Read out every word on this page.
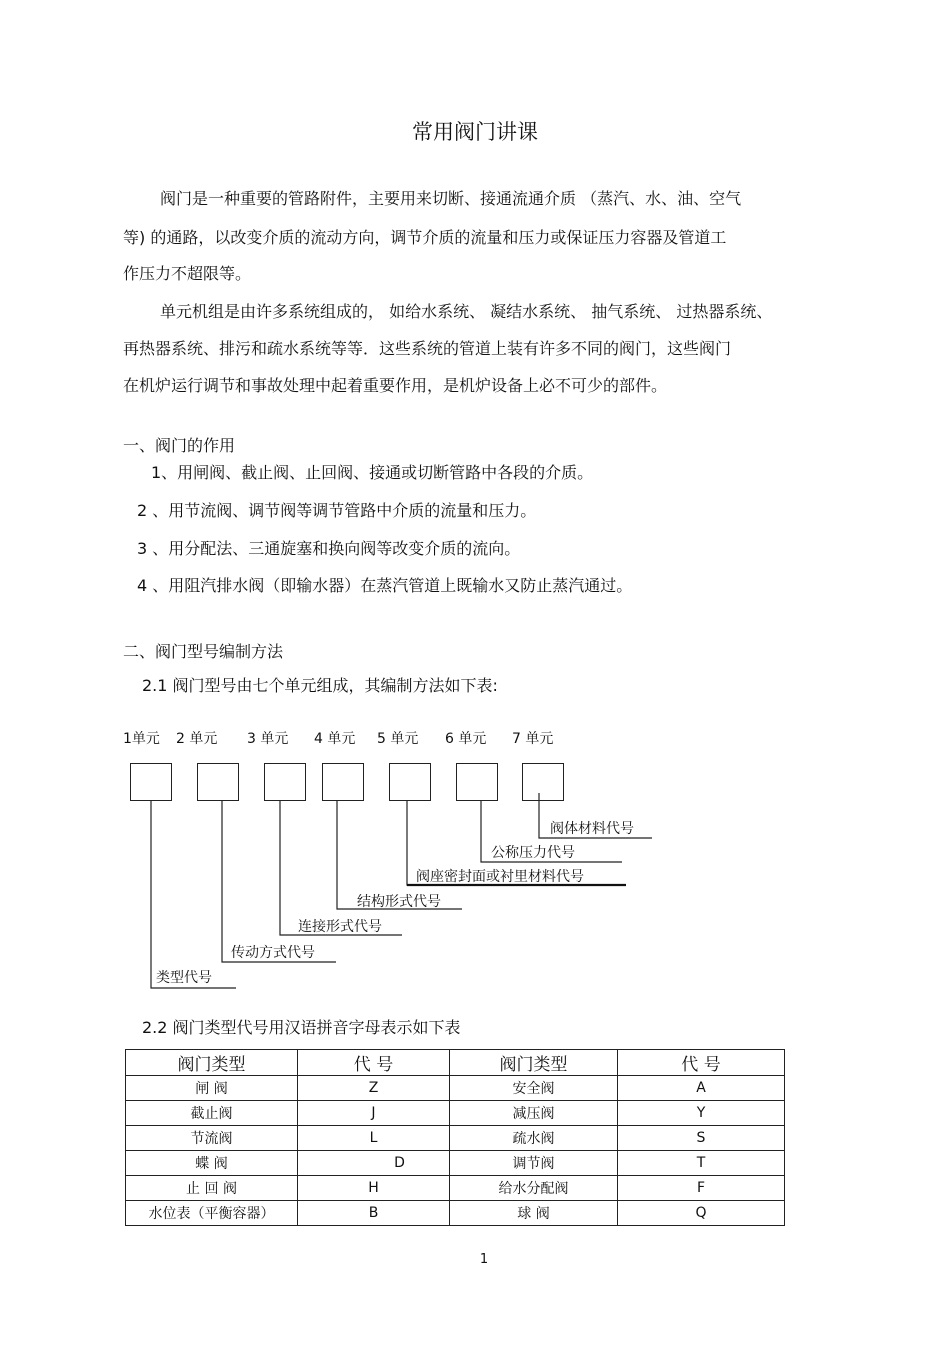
常用阀门讲课
阀门是一种重要的管路附件，主要用来切断、接通流通介质 （蒸汽、水、油、空气
等) 的通路，以改变介质的流动方向，调节介质的流量和压力或保证压力容器及管道工
作压力不超限等。
单元机组是由许多系统组成的， 如给水系统、 凝结水系统、 抽气系统、 过热器系统、
再热器系统、排污和疏水系统等等．这些系统的管道上装有许多不同的阀门，这些阀门
在机炉运行调节和事故处理中起着重要作用，是机炉设备上必不可少的部件。
一、阀门的作用
1、用闸阀、截止阀、止回阀、接通或切断管路中各段的介质。
2 、用节流阀、调节阀等调节管路中介质的流量和压力。
3 、用分配法、三通旋塞和换向阀等改变介质的流向。
4 、用阻汽排水阀（即输水器）在蒸汽管道上既输水又防止蒸汽通过。
二、阀门型号编制方法
2.1 阀门型号由七个单元组成，其编制方法如下表:
1单元 2 单元 3 单元 4 单元 5 单元 6 单元 7 单元
阀体材料代号
公称压力代号
阀座密封面或衬里材料代号
结构形式代号
连接形式代号
传动方式代号
类型代号
2.2 阀门类型代号用汉语拼音字母表示如下表
阀门类型	代 号	阀门类型	代 号
闸 阀	Z	安全阀	A
截止阀	J	减压阀	Y
节流阀	L	疏水阀	S
蝶 阀	D	调节阀	T
止 回 阀	H	给水分配阀	F
水位表（平衡容器）	B	球 阀	Q
1
